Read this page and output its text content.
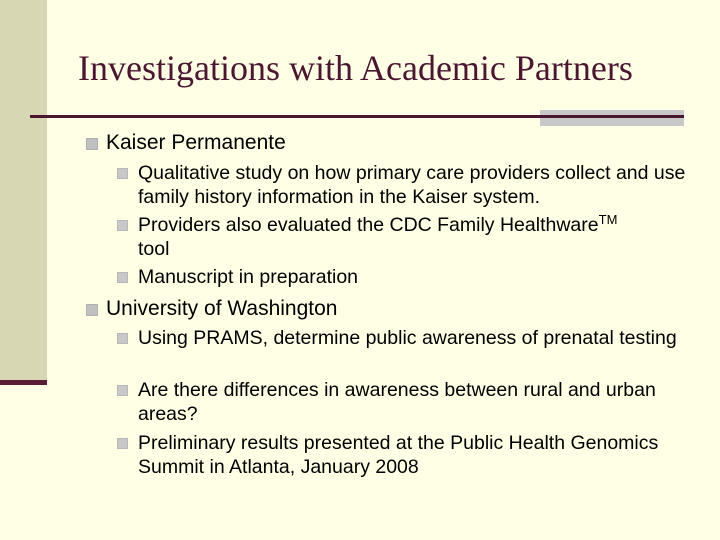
Investigations with Academic Partners
Kaiser Permanente
Qualitative study on how primary care providers collect and use family history information in the Kaiser system.
Providers also evaluated the CDC Family Healthware™
tool
Manuscript in preparation
University of Washington
Using PRAMS, determine public awareness of prenatal testing
Are there differences in awareness between rural and urban areas?
Preliminary results presented at the Public Health Genomics Summit in Atlanta, January 2008
